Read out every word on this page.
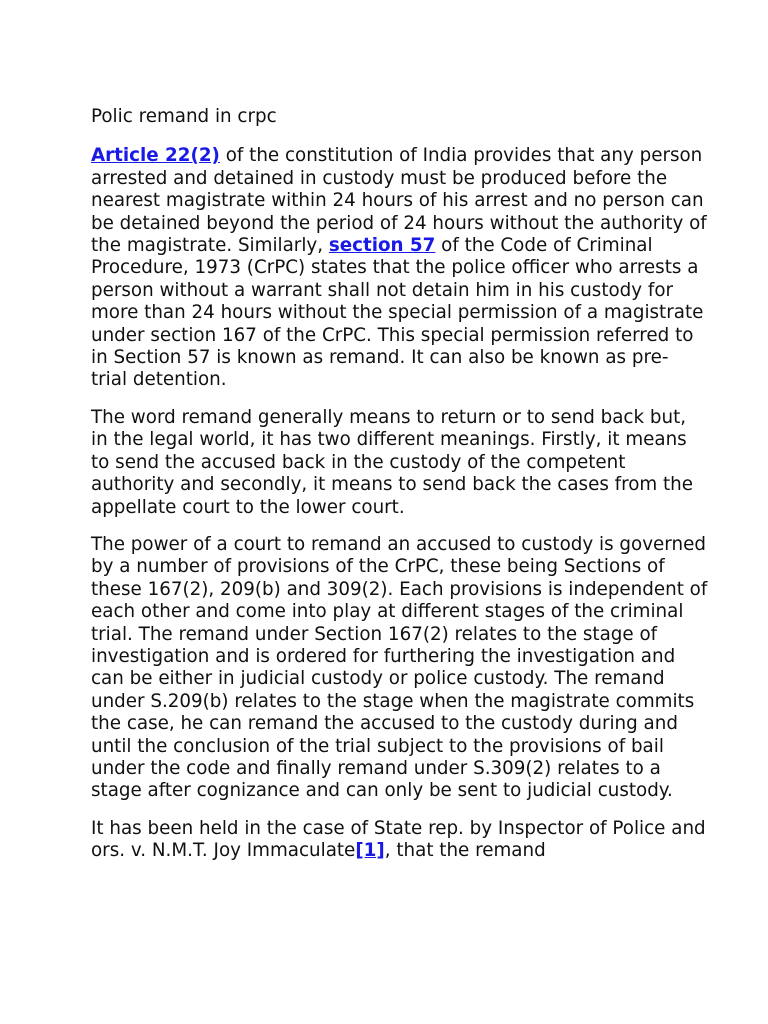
Polic remand in crpc

Article 22(2) of the constitution of India provides that any person arrested and detained in custody must be produced before the nearest magistrate within 24 hours of his arrest and no person can be detained beyond the period of 24 hours without the authority of the magistrate. Similarly, section 57 of the Code of Criminal Procedure, 1973 (CrPC) states that the police officer who arrests a person without a warrant shall not detain him in his custody for more than 24 hours without the special permission of a magistrate under section 167 of the CrPC. This special permission referred to in Section 57 is known as remand. It can also be known as pre- trial detention.

The word remand generally means to return or to send back but, in the legal world, it has two different meanings. Firstly, it means to send the accused back in the custody of the competent authority and secondly, it means to send back the cases from the appellate court to the lower court.

The power of a court to remand an accused to custody is governed by a number of provisions of the CrPC, these being Sections of these 167(2), 209(b) and 309(2). Each provisions is independent of each other and come into play at different stages of the criminal trial. The remand under Section 167(2) relates to the stage of investigation and is ordered for furthering the investigation and can be either in judicial custody or police custody. The remand under S.209(b) relates to the stage when the magistrate commits the case, he can remand the accused to the custody during and until the conclusion of the trial subject to the provisions of bail under the code and finally remand under S.309(2) relates to a stage after cognizance and can only be sent to judicial custody.

It has been held in the case of State rep. by Inspector of Police and ors. v. N.M.T. Joy Immaculate[1], that the remand
